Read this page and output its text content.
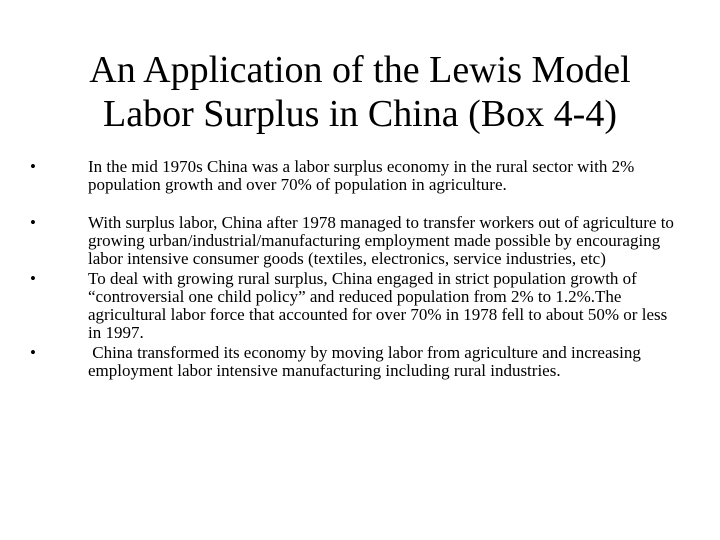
An Application of the Lewis Model
Labor Surplus in China (Box 4-4)
•	In the mid 1970s China was a labor surplus economy in the rural sector with 2% population growth and over 70% of population in agriculture.
•	With surplus labor, China after 1978 managed to transfer workers out of agriculture to growing urban/industrial/manufacturing employment made possible by encouraging labor intensive consumer goods (textiles, electronics, service industries, etc)
•	To deal with growing rural surplus, China engaged in strict population growth of “controversial one child policy” and reduced population from 2% to 1.2%.The agricultural labor force that accounted for over 70% in 1978 fell to about 50% or less in 1997.
•	China transformed its economy by moving labor from agriculture and increasing employment labor intensive manufacturing including rural industries.
